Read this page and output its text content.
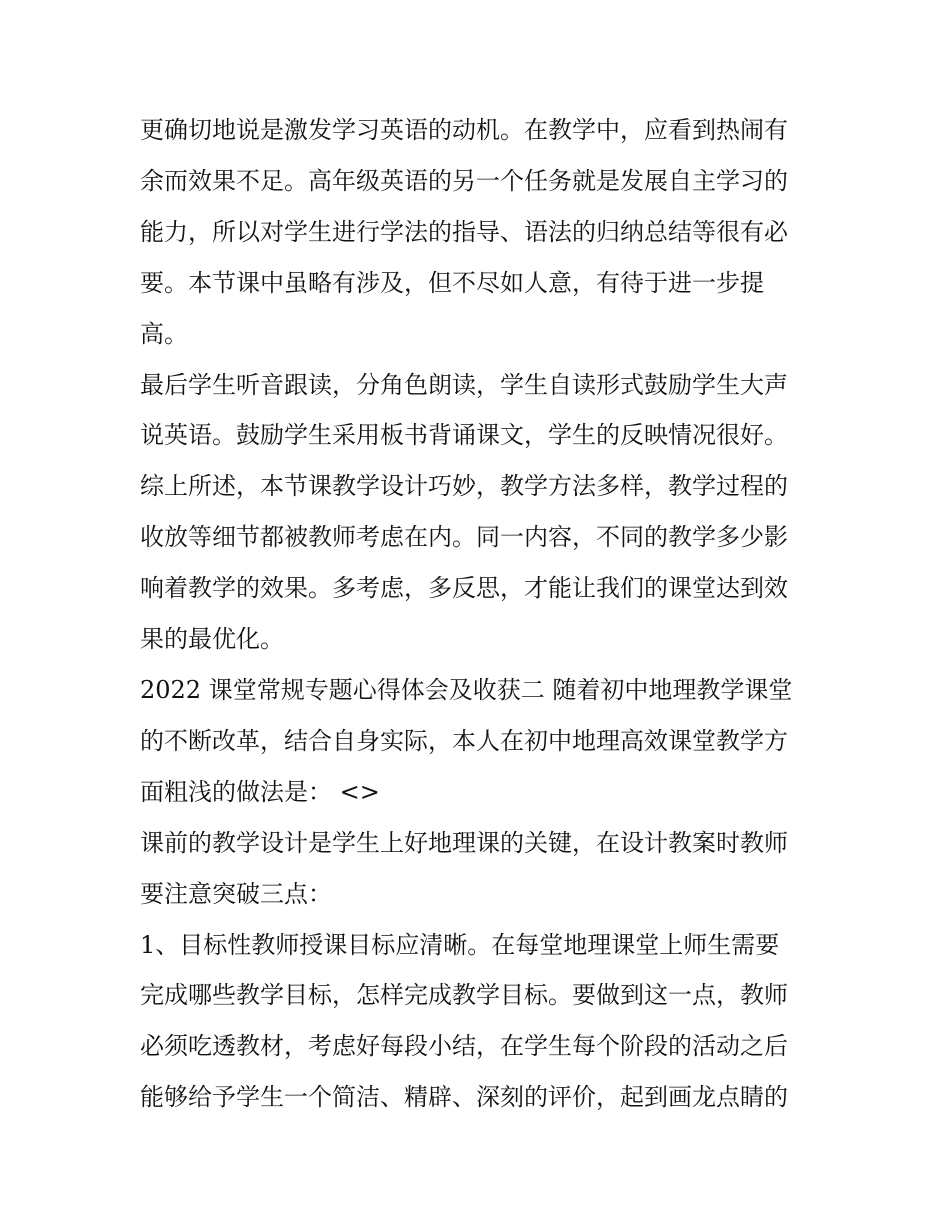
更确切地说是激发学习英语的动机。在教学中，应看到热闹有
余而效果不足。高年级英语的另一个任务就是发展自主学习的
能力，所以对学生进行学法的指导、语法的归纳总结等很有必
要。本节课中虽略有涉及，但不尽如人意，有待于进一步提
高。

最后学生听音跟读，分角色朗读，学生自读形式鼓励学生大声
说英语。鼓励学生采用板书背诵课文，学生的反映情况很好。

综上所述，本节课教学设计巧妙，教学方法多样，教学过程的
收放等细节都被教师考虑在内。同一内容，不同的教学多少影
响着教学的效果。多考虑，多反思，才能让我们的课堂达到效
果的最优化。

2022 课堂常规专题心得体会及收获二 随着初中地理教学课堂
的不断改革，结合自身实际，本人在初中地理高效课堂教学方
面粗浅的做法是： <>

课前的教学设计是学生上好地理课的关键，在设计教案时教师
要注意突破三点：

1、目标性教师授课目标应清晰。在每堂地理课堂上师生需要
完成哪些教学目标，怎样完成教学目标。要做到这一点，教师
必须吃透教材，考虑好每段小结，在学生每个阶段的活动之后
能够给予学生一个简洁、精辟、深刻的评价，起到画龙点睛的
